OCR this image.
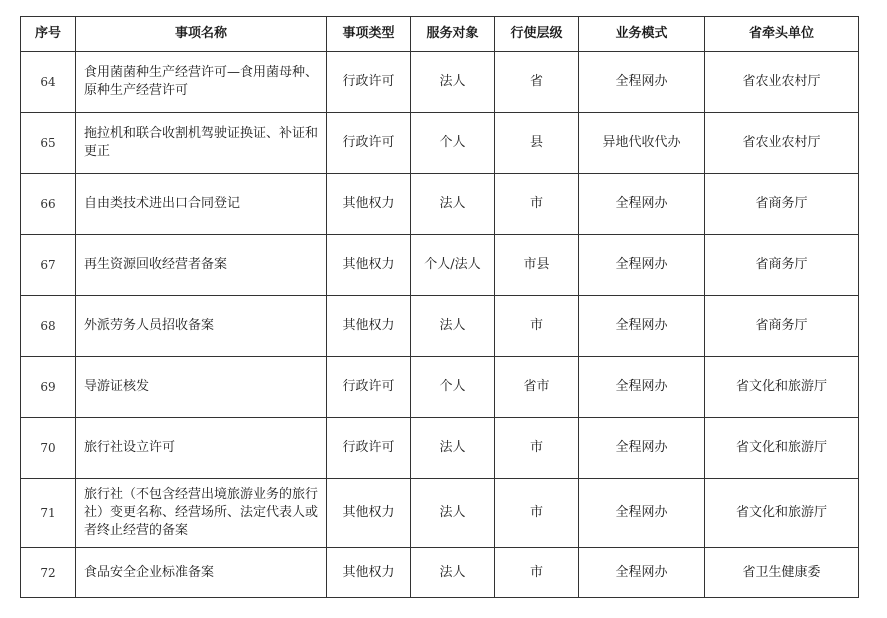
序号	事项名称	事项类型	服务对象	行使层级	业务模式	省牵头单位
64	食用菌菌种生产经营许可—食用菌母种、原种生产经营许可	行政许可	法人	省	全程网办	省农业农村厅
65	拖拉机和联合收割机驾驶证换证、补证和更正	行政许可	个人	县	异地代收代办	省农业农村厅
66	自由类技术进出口合同登记	其他权力	法人	市	全程网办	省商务厅
67	再生资源回收经营者备案	其他权力	个人/法人	市县	全程网办	省商务厅
68	外派劳务人员招收备案	其他权力	法人	市	全程网办	省商务厅
69	导游证核发	行政许可	个人	省市	全程网办	省文化和旅游厅
70	旅行社设立许可	行政许可	法人	市	全程网办	省文化和旅游厅
71	旅行社（不包含经营出境旅游业务的旅行社）变更名称、经营场所、法定代表人或者终止经营的备案	其他权力	法人	市	全程网办	省文化和旅游厅
72	食品安全企业标准备案	其他权力	法人	市	全程网办	省卫生健康委
